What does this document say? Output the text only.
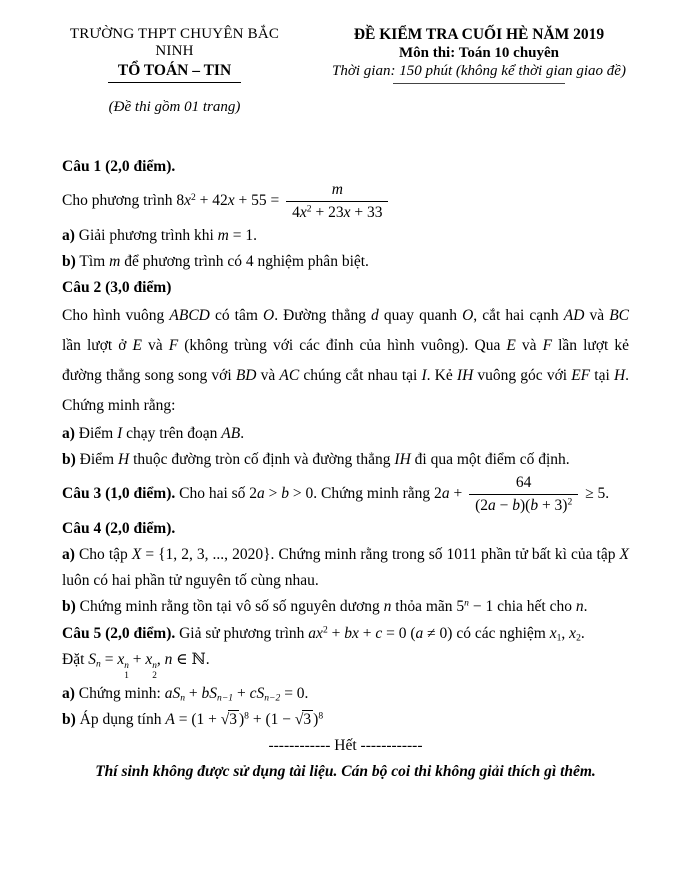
TRƯỜNG THPT CHUYÊN BẮC NINH
TỔ TOÁN – TIN
(Đề thi gồm 01 trang)
ĐỀ KIỂM TRA CUỐI HÈ NĂM 2019
Môn thi: Toán 10 chuyên
Thời gian: 150 phút (không kể thời gian giao đề)

Câu 1 (2,0 điểm).

Cho phương trình $8x^2 + 42x + 55 = \frac{m}{4x^2 + 23x + 33}$

a) Giải phương trình khi m = 1.

b) Tìm m để phương trình có 4 nghiệm phân biệt.

Câu 2 (3,0 điểm)

Cho hình vuông ABCD có tâm O. Đường thẳng d quay quanh O, cắt hai cạnh AD và BC lần lượt ở E và F (không trùng với các đỉnh của hình vuông). Qua E và F lần lượt kẻ đường thẳng song song với BD và AC chúng cắt nhau tại I. Kẻ IH vuông góc với EF tại H. Chứng minh rằng:

a) Điểm I chạy trên đoạn AB.

b) Điểm H thuộc đường tròn cố định và đường thẳng IH đi qua một điểm cố định.

Câu 3 (1,0 điểm). Cho hai số 2a > b > 0. Chứng minh rằng $2a + \frac{64}{(2a - b)(b + 3)^2} \ge 5$.

Câu 4 (2,0 điểm).

a) Cho tập X = {1, 2, 3, ..., 2020}. Chứng minh rằng trong số 1011 phần tử bất kì của tập X luôn có hai phần tử nguyên tố cùng nhau.

b) Chứng minh rằng tồn tại vô số số nguyên dương n thỏa mãn $5^n - 1$ chia hết cho n.

Câu 5 (2,0 điểm). Giả sử phương trình $ax^2$ + bx + c = 0 (a ≠ 0) có các nghiệm x1, x2.

Đặt Sn = x n
1
+ x n
2
, n ∈ ℕ.

a) Chứng minh: aSn + bSn−1 + cSn−2 = 0.

b) Áp dụng tính A = (1 + √3 )$^8$ + (1 − √3 )$^8$

------------ Hết ------------

Thí sinh không được sử dụng tài liệu. Cán bộ coi thi không giải thích gì thêm.
